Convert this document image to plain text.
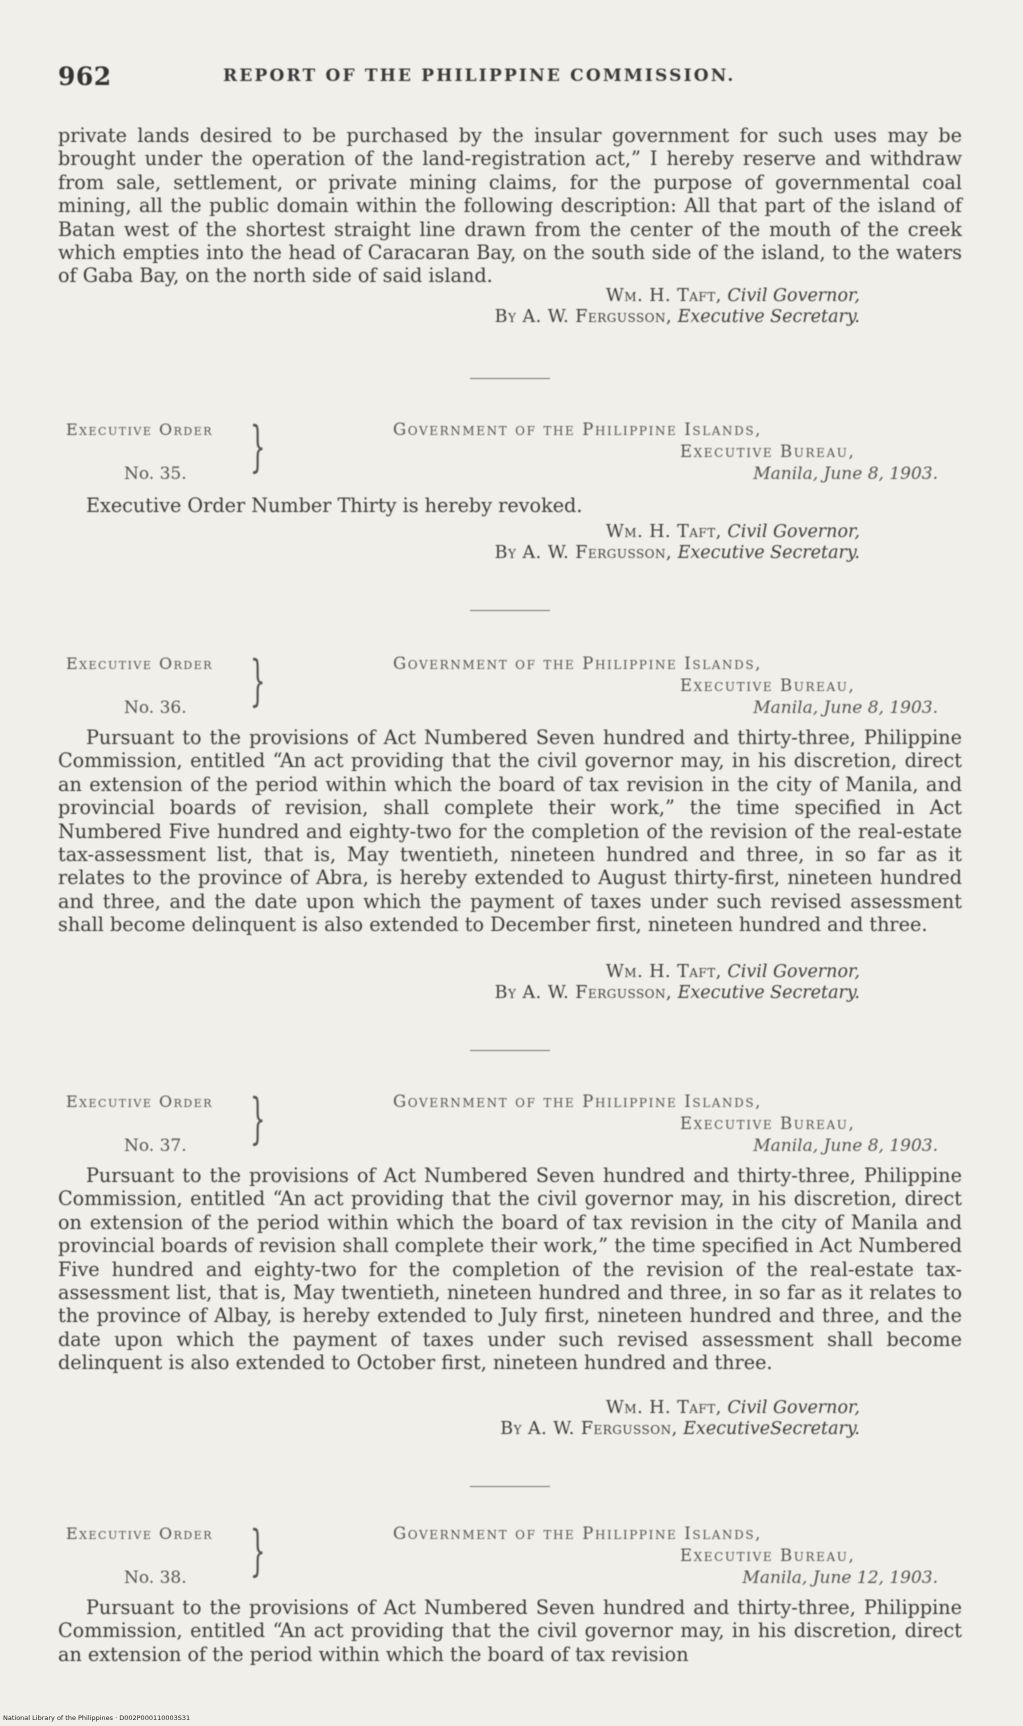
962	REPORT OF THE PHILIPPINE COMMISSION.

private lands desired to be purchased by the insular government for such uses may be brought under the operation of the land-registration act,” I hereby reserve and withdraw from sale, settlement, or private mining claims, for the purpose of governmental coal mining, all the public domain within the following description: All that part of the island of Batan west of the shortest straight line drawn from the center of the mouth of the creek which empties into the head of Caracaran Bay, on the south side of the island, to the waters of Gaba Bay, on the north side of said island.

Wm. H. Taft, Civil Governor,
By A. W. Fergusson, Executive Secretary.
Executive Order
No. 35. }	Government of the Philippine Islands,
Executive Bureau,
Manila, June 8, 1903.

Executive Order Number Thirty is hereby revoked.

Wm. H. Taft, Civil Governor,
By A. W. Fergusson, Executive Secretary.
Executive Order
No. 36. }	Government of the Philippine Islands,
Executive Bureau,
Manila, June 8, 1903.

Pursuant to the provisions of Act Numbered Seven hundred and thirty-three, Philippine Commission, entitled “An act providing that the civil governor may, in his discretion, direct an extension of the period within which the board of tax revision in the city of Manila, and provincial boards of revision, shall complete their work,” the time specified in Act Numbered Five hundred and eighty-two for the completion of the revision of the real-estate tax-assessment list, that is, May twentieth, nineteen hundred and three, in so far as it relates to the province of Abra, is hereby extended to August thirty-first, nineteen hundred and three, and the date upon which the payment of taxes under such revised assessment shall become delinquent is also extended to December first, nineteen hundred and three.

Wm. H. Taft, Civil Governor,
By A. W. Fergusson, Executive Secretary.
Executive Order
No. 37. }	Government of the Philippine Islands,
Executive Bureau,
Manila, June 8, 1903.

Pursuant to the provisions of Act Numbered Seven hundred and thirty-three, Philippine Commission, entitled “An act providing that the civil governor may, in his discretion, direct on extension of the period within which the board of tax revision in the city of Manila and provincial boards of revision shall complete their work,” the time specified in Act Numbered Five hundred and eighty-two for the completion of the revision of the real-estate tax-assessment list, that is, May twentieth, nineteen hundred and three, in so far as it relates to the province of Albay, is hereby extended to July first, nineteen hundred and three, and the date upon which the payment of taxes under such revised assessment shall become delinquent is also extended to October first, nineteen hundred and three.

Wm. H. Taft, Civil Governor,
By A. W. Fergusson, ExecutiveSecretary.
Executive Order
No. 38. }	Government of the Philippine Islands,
Executive Bureau,
Manila, June 12, 1903.

Pursuant to the provisions of Act Numbered Seven hundred and thirty-three, Philippine Commission, entitled “An act providing that the civil governor may, in his discretion, direct an extension of the period within which the board of tax revision

National Library of the Philippines · D002P000110003S31
